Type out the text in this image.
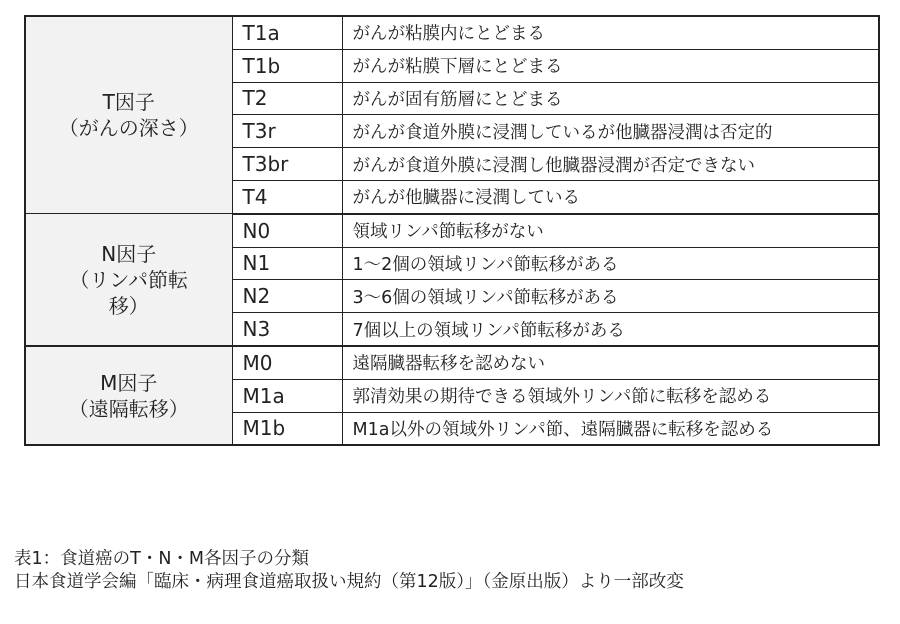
T因子
（がんの深さ）	T1a	がんが粘膜内にとどまる
	T1b	がんが粘膜下層にとどまる
	T2	がんが固有筋層にとどまる
	T3r	がんが食道外膜に浸潤しているが他臓器浸潤は否定的
	T3br	がんが食道外膜に浸潤し他臓器浸潤が否定できない
	T4	がんが他臓器に浸潤している

N因子
（リンパ節転
移）	N0	領域リンパ節転移がない
	N1	1～2個の領域リンパ節転移がある
	N2	3～6個の領域リンパ節転移がある
	N3	7個以上の領域リンパ節転移がある

M因子
（遠隔転移）	M0	遠隔臓器転移を認めない
	M1a	郭清効果の期待できる領域外リンパ節に転移を認める
	M1b	M1a以外の領域外リンパ節、遠隔臓器に転移を認める
表1：食道癌のT・N・M各因子の分類
日本食道学会編「臨床・病理食道癌取扱い規約（第12版）」（金原出版）より一部改変
